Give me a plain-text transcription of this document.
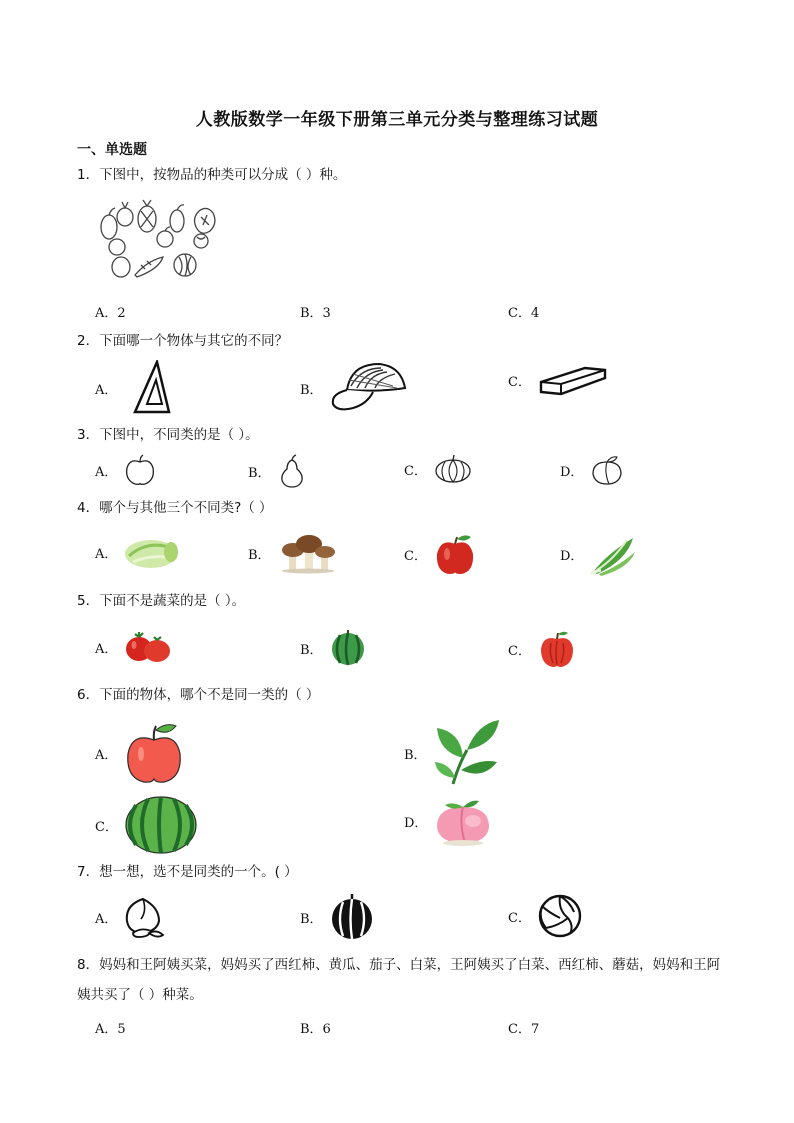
人教版数学一年级下册第三单元分类与整理练习试题
一、单选题
1．下图中，按物品的种类可以分成（ ）种。
A．2	B．3	C．4
2．下面哪一个物体与其它的不同？
A．	B．
C．
3．下图中，不同类的是（ ）。
A．	B．	C．	D．
4．哪个与其他三个不同类?（ ）
A．	B．	C．	D．
5．下面不是蔬菜的是（ ）。
A．	B．	C．
6．下面的物体，哪个不是同一类的（ ）
A．	B．
C．	D．
7．想一想，选不是同类的一个。( ）
A．	B．	C．
8．妈妈和王阿姨买菜，妈妈买了西红柿、黄瓜、茄子、白菜，王阿姨买了白菜、西红柿、蘑菇，妈妈和王阿姨共买了（ ）种菜。
A．5	B．6	C．7
